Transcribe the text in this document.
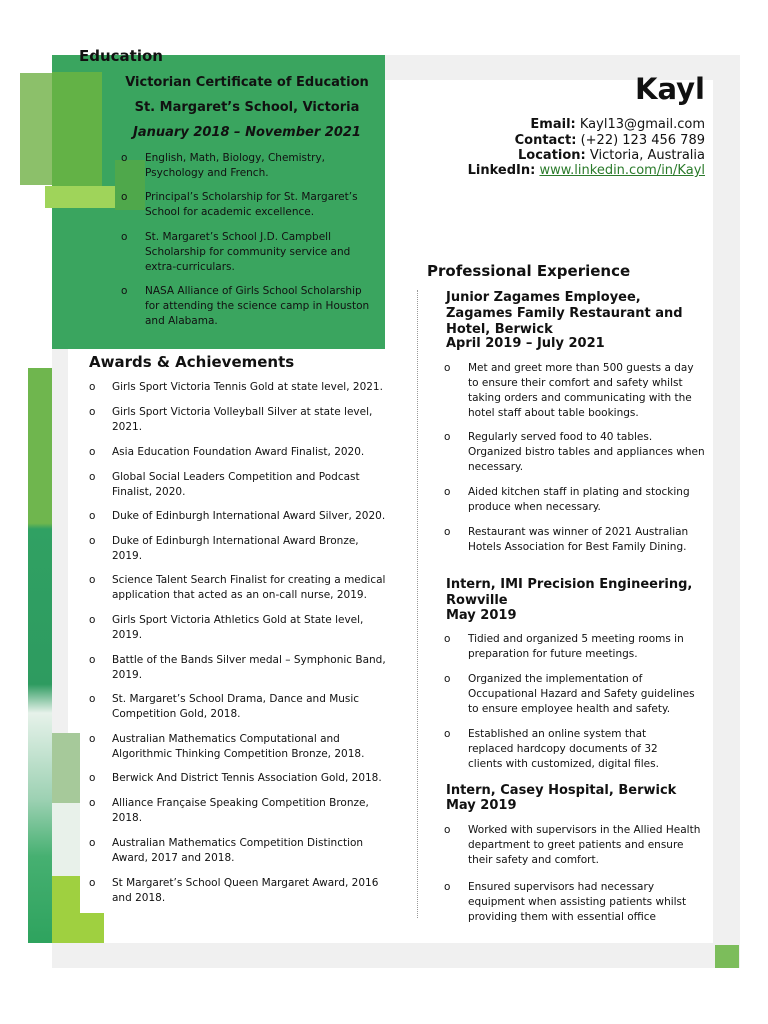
Education
Victorian Certificate of Education
St. Margaret’s School, Victoria
January 2018 – November 2021
o English, Math, Biology, Chemistry, Psychology and French.
o Principal’s Scholarship for St. Margaret’s School for academic excellence.
o St. Margaret’s School J.D. Campbell Scholarship for community service and extra-curriculars.
o NASA Alliance of Girls School Scholarship for attending the science camp in Houston and Alabama.
Awards & Achievements
o Girls Sport Victoria Tennis Gold at state level, 2021.
o Girls Sport Victoria Volleyball Silver at state level, 2021.
o Asia Education Foundation Award Finalist, 2020.
o Global Social Leaders Competition and Podcast Finalist, 2020.
o Duke of Edinburgh International Award Silver, 2020.
o Duke of Edinburgh International Award Bronze, 2019.
o Science Talent Search Finalist for creating a medical application that acted as an on-call nurse, 2019.
o Girls Sport Victoria Athletics Gold at State level, 2019.
o Battle of the Bands Silver medal – Symphonic Band, 2019.
o St. Margaret’s School Drama, Dance and Music Competition Gold, 2018.
o Australian Mathematics Computational and Algorithmic Thinking Competition Bronze, 2018.
o Berwick And District Tennis Association Gold, 2018.
o Alliance Française Speaking Competition Bronze, 2018.
o Australian Mathematics Competition Distinction Award, 2017 and 2018.
o St Margaret’s School Queen Margaret Award, 2016 and 2018.
Kayl
Email: Kayl13@gmail.com
Contact: (+22) 123 456 789
Location: Victoria, Australia
LinkedIn: www.linkedin.com/in/Kayl
Professional Experience
Junior Zagames Employee, Zagames Family Restaurant and Hotel, Berwick
April 2019 – July 2021
Intern, IMI Precision Engineering, Rowville
May 2019
Intern, Casey Hospital, Berwick
May 2019
o Met and greet more than 500 guests a day to ensure their comfort and safety whilst taking orders and communicating with the hotel staff about table bookings.
o Regularly served food to 40 tables. Organized bistro tables and appliances when necessary.
o Aided kitchen staff in plating and stocking produce when necessary.
o Restaurant was winner of 2021 Australian Hotels Association for Best Family Dining.
o Tidied and organized 5 meeting rooms in preparation for future meetings.
o Organized the implementation of Occupational Hazard and Safety guidelines to ensure employee health and safety.
o Established an online system that replaced hardcopy documents of 32 clients with customized, digital files.
o Worked with supervisors in the Allied Health department to greet patients and ensure their safety and comfort.
o Ensured supervisors had necessary equipment when assisting patients whilst providing them with essential office
